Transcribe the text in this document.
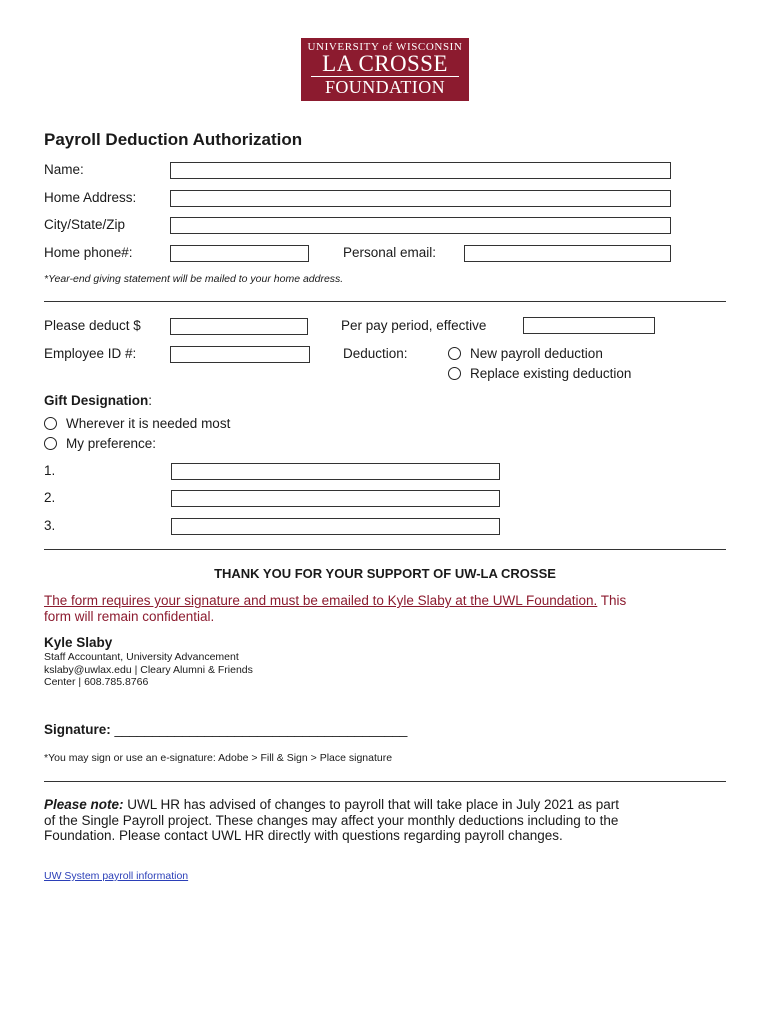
UNIVERSITY of WISCONSIN
LA CROSSE
FOUNDATION
Payroll Deduction Authorization
Name:
Home Address:
City/State/Zip
Home phone#:	Personal email:
*Year-end giving statement will be mailed to your home address.
Please deduct $	Per pay period, effective
Employee ID #:	Deduction:	New payroll deduction
Replace existing deduction
Gift Designation:
Wherever it is needed most
My preference:
1.
2.
3.
THANK YOU FOR YOUR SUPPORT OF UW-LA CROSSE
The form requires your signature and must be emailed to Kyle Slaby at the UWL Foundation. This
form will remain confidential.
Kyle Slaby
Staff Accountant, University Advancement
kslaby@uwlax.edu | Cleary Alumni & Friends
Center | 608.785.8766
Signature: _______________________________________
*You may sign or use an e-signature: Adobe > Fill & Sign > Place signature
Please note: UWL HR has advised of changes to payroll that will take place in July 2021 as part
of the Single Payroll project. These changes may affect your monthly deductions including to the
Foundation. Please contact UWL HR directly with questions regarding payroll changes.
UW System payroll information
